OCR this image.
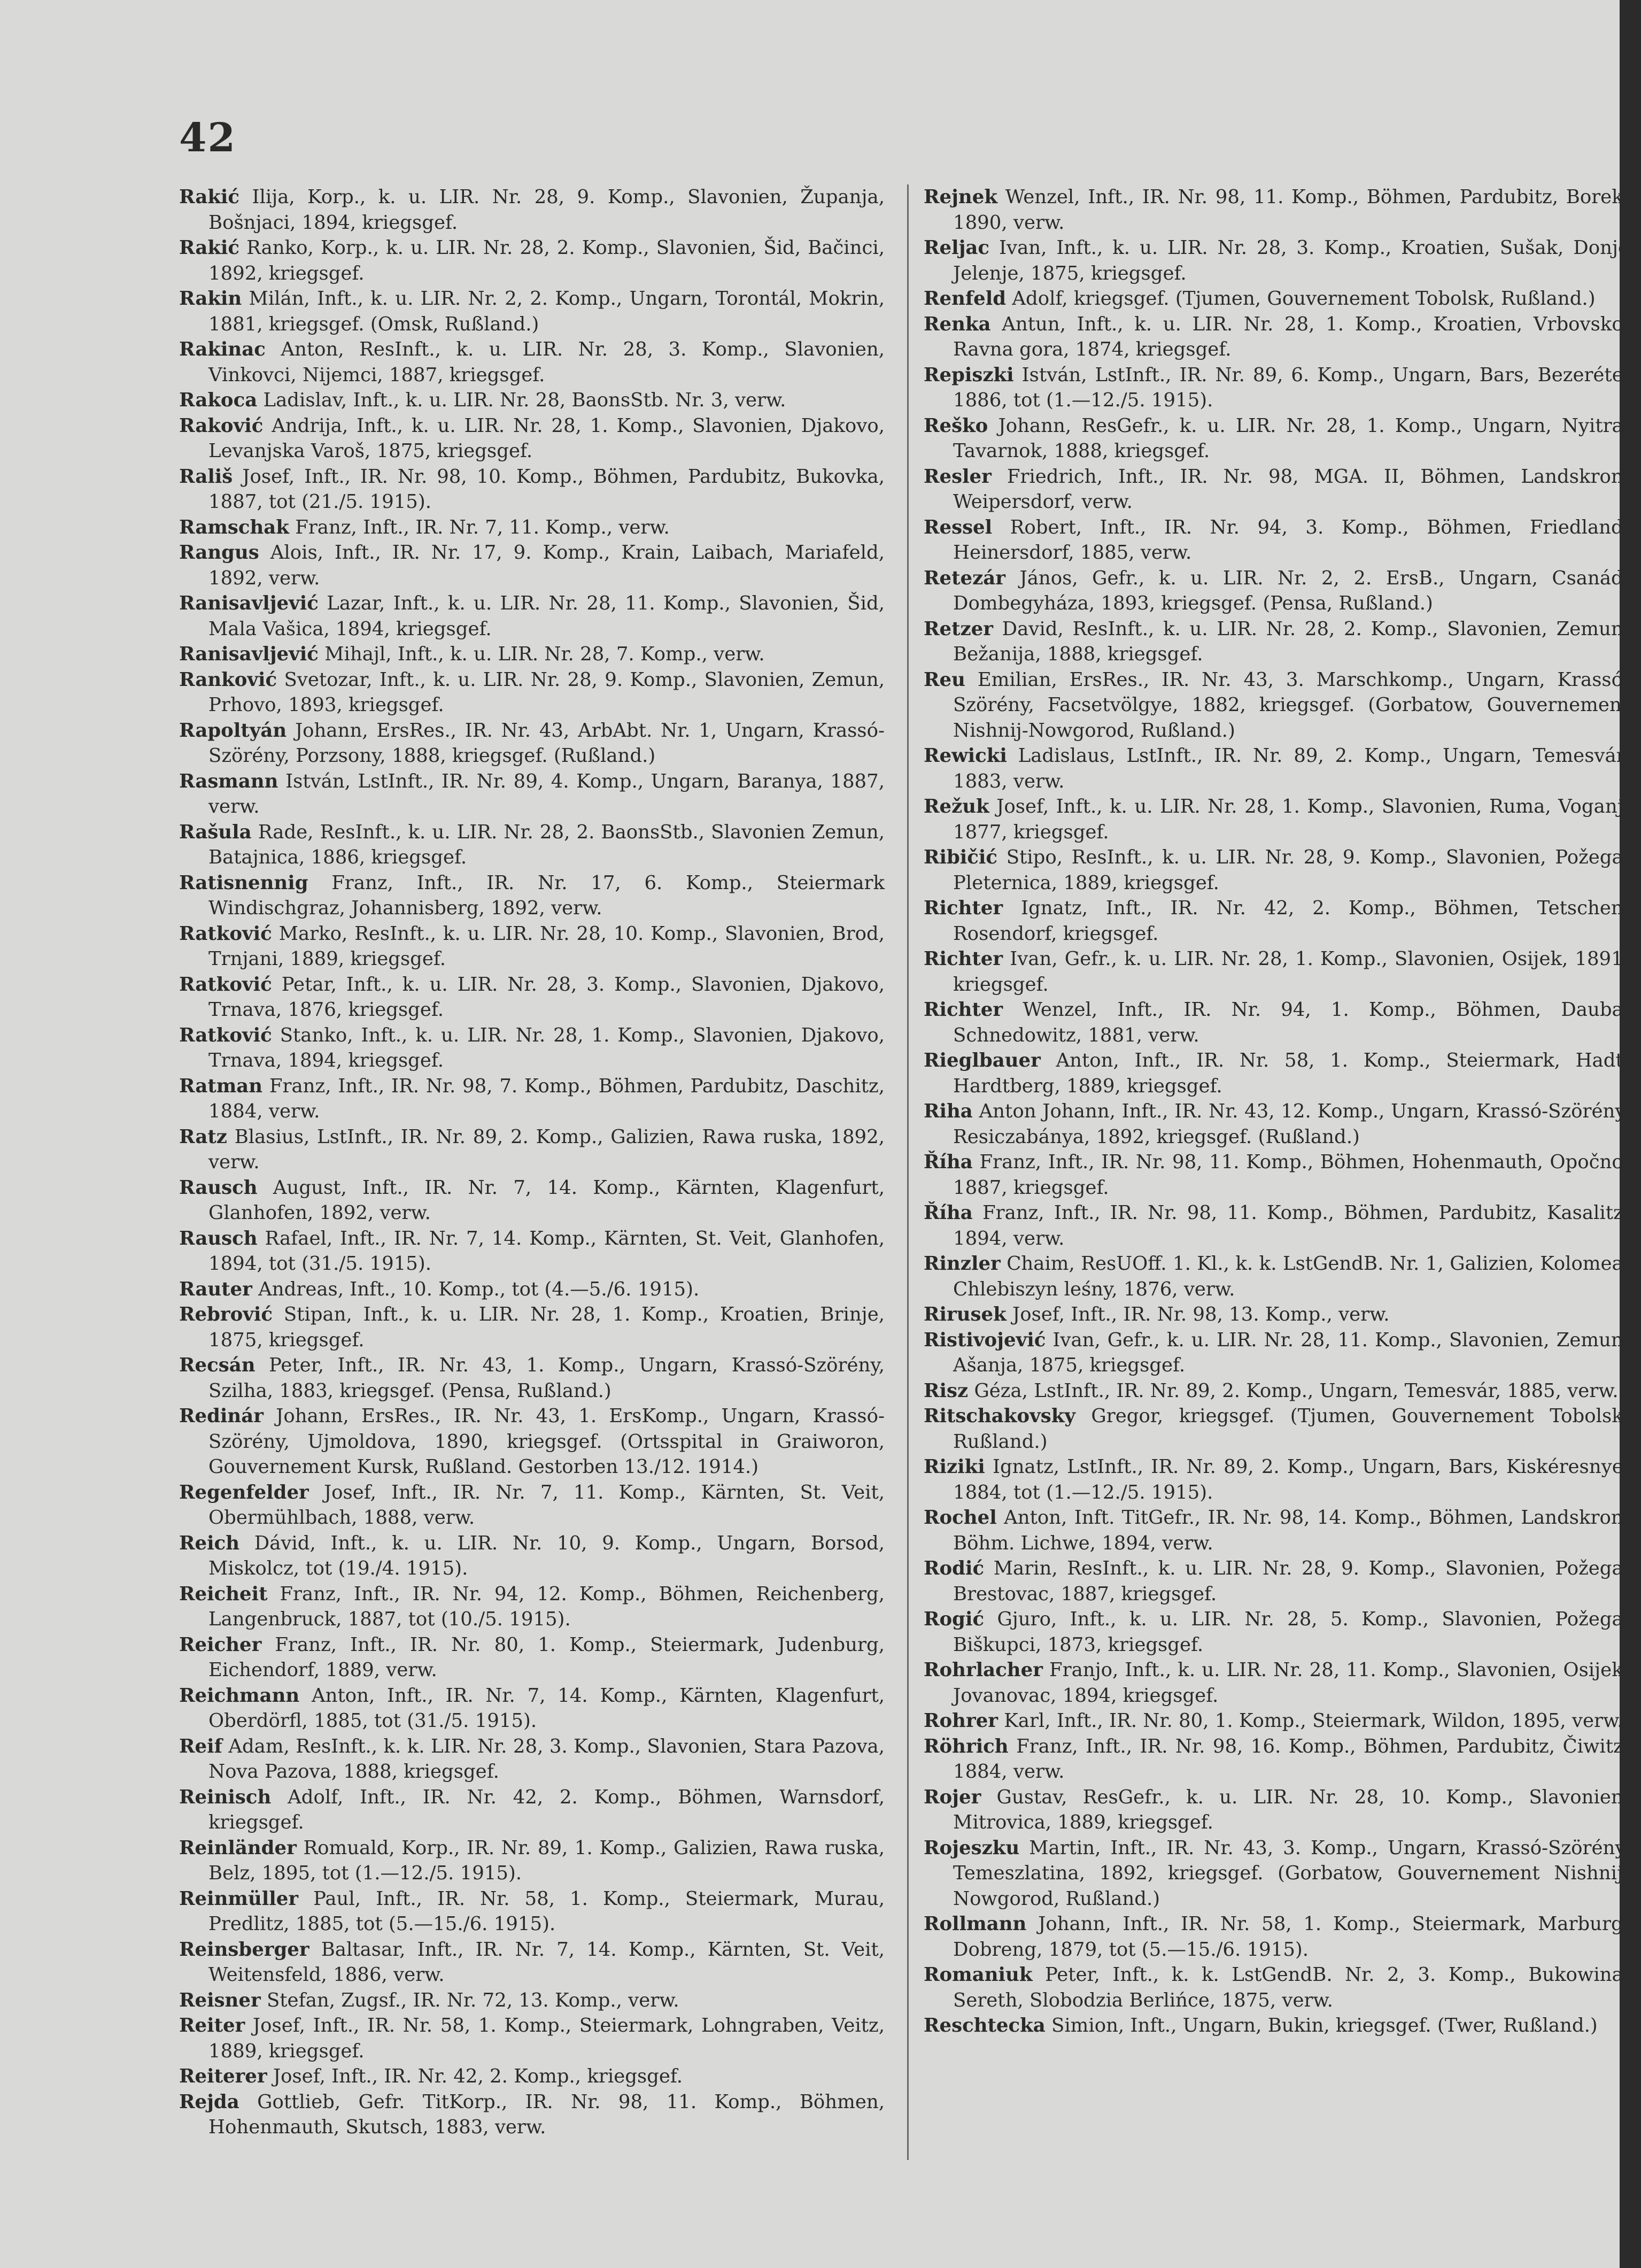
42

Rakić Ilija, Korp., k. u. LIR. Nr. 28, 9. Komp., Slavonien, Županja, Bošnjaci, 1894, kriegsgef.

Rakić Ranko, Korp., k. u. LIR. Nr. 28, 2. Komp., Slavonien, Šid, Bačinci, 1892, kriegsgef.

Rakin Milán, Inft., k. u. LIR. Nr. 2, 2. Komp., Ungarn, Torontál, Mokrin, 1881, kriegsgef. (Omsk, Rußland.)

Rakinac Anton, ResInft., k. u. LIR. Nr. 28, 3. Komp., Slavonien, Vinkovci, Nijemci, 1887, kriegsgef.

Rakoca Ladislav, Inft., k. u. LIR. Nr. 28, BaonsStb. Nr. 3, verw.

Raković Andrija, Inft., k. u. LIR. Nr. 28, 1. Komp., Slavonien, Djakovo, Levanjska Varoš, 1875, kriegsgef.

Rališ Josef, Inft., IR. Nr. 98, 10. Komp., Böhmen, Pardubitz, Bukovka, 1887, tot (21./5. 1915).

Ramschak Franz, Inft., IR. Nr. 7, 11. Komp., verw.

Rangus Alois, Inft., IR. Nr. 17, 9. Komp., Krain, Laibach, Mariafeld, 1892, verw.

Ranisavljević Lazar, Inft., k. u. LIR. Nr. 28, 11. Komp., Slavonien, Šid, Mala Vašica, 1894, kriegsgef.

Ranisavljević Mihajl, Inft., k. u. LIR. Nr. 28, 7. Komp., verw.

Ranković Svetozar, Inft., k. u. LIR. Nr. 28, 9. Komp., Slavonien, Zemun, Prhovo, 1893, kriegsgef.

Rapoltyán Johann, ErsRes., IR. Nr. 43, ArbAbt. Nr. 1, Ungarn, Krassó-Szörény, Porzsony, 1888, kriegsgef. (Rußland.)

Rasmann István, LstInft., IR. Nr. 89, 4. Komp., Ungarn, Baranya, 1887, verw.

Rašula Rade, ResInft., k. u. LIR. Nr. 28, 2. BaonsStb., Slavonien Zemun, Batajnica, 1886, kriegsgef.

Ratisnennig Franz, Inft., IR. Nr. 17, 6. Komp., Steiermark Windischgraz, Johannisberg, 1892, verw.

Ratković Marko, ResInft., k. u. LIR. Nr. 28, 10. Komp., Slavonien, Brod, Trnjani, 1889, kriegsgef.

Ratković Petar, Inft., k. u. LIR. Nr. 28, 3. Komp., Slavonien, Djakovo, Trnava, 1876, kriegsgef.

Ratković Stanko, Inft., k. u. LIR. Nr. 28, 1. Komp., Slavonien, Djakovo, Trnava, 1894, kriegsgef.

Ratman Franz, Inft., IR. Nr. 98, 7. Komp., Böhmen, Pardubitz, Daschitz, 1884, verw.

Ratz Blasius, LstInft., IR. Nr. 89, 2. Komp., Galizien, Rawa ruska, 1892, verw.

Rausch August, Inft., IR. Nr. 7, 14. Komp., Kärnten, Klagenfurt, Glanhofen, 1892, verw.

Rausch Rafael, Inft., IR. Nr. 7, 14. Komp., Kärnten, St. Veit, Glanhofen, 1894, tot (31./5. 1915).

Rauter Andreas, Inft., 10. Komp., tot (4.—5./6. 1915).

Rebrović Stipan, Inft., k. u. LIR. Nr. 28, 1. Komp., Kroatien, Brinje, 1875, kriegsgef.

Recsán Peter, Inft., IR. Nr. 43, 1. Komp., Ungarn, Krassó-Szörény, Szilha, 1883, kriegsgef. (Pensa, Rußland.)

Redinár Johann, ErsRes., IR. Nr. 43, 1. ErsKomp., Ungarn, Krassó-Szörény, Ujmoldova, 1890, kriegsgef. (Ortsspital in Graiworon, Gouvernement Kursk, Rußland. Gestorben 13./12. 1914.)

Regenfelder Josef, Inft., IR. Nr. 7, 11. Komp., Kärnten, St. Veit, Obermühlbach, 1888, verw.

Reich Dávid, Inft., k. u. LIR. Nr. 10, 9. Komp., Ungarn, Borsod, Miskolcz, tot (19./4. 1915).

Reicheit Franz, Inft., IR. Nr. 94, 12. Komp., Böhmen, Reichenberg, Langenbruck, 1887, tot (10./5. 1915).

Reicher Franz, Inft., IR. Nr. 80, 1. Komp., Steiermark, Judenburg, Eichendorf, 1889, verw.

Reichmann Anton, Inft., IR. Nr. 7, 14. Komp., Kärnten, Klagenfurt, Oberdörfl, 1885, tot (31./5. 1915).

Reif Adam, ResInft., k. k. LIR. Nr. 28, 3. Komp., Slavonien, Stara Pazova, Nova Pazova, 1888, kriegsgef.

Reinisch Adolf, Inft., IR. Nr. 42, 2. Komp., Böhmen, Warnsdorf, kriegsgef.

Reinländer Romuald, Korp., IR. Nr. 89, 1. Komp., Galizien, Rawa ruska, Belz, 1895, tot (1.—12./5. 1915).

Reinmüller Paul, Inft., IR. Nr. 58, 1. Komp., Steiermark, Murau, Predlitz, 1885, tot (5.—15./6. 1915).

Reinsberger Baltasar, Inft., IR. Nr. 7, 14. Komp., Kärnten, St. Veit, Weitensfeld, 1886, verw.

Reisner Stefan, Zugsf., IR. Nr. 72, 13. Komp., verw.

Reiter Josef, Inft., IR. Nr. 58, 1. Komp., Steiermark, Lohngraben, Veitz, 1889, kriegsgef.

Reiterer Josef, Inft., IR. Nr. 42, 2. Komp., kriegsgef.

Rejda Gottlieb, Gefr. TitKorp., IR. Nr. 98, 11. Komp., Böhmen, Hohenmauth, Skutsch, 1883, verw.

Rejnek Wenzel, Inft., IR. Nr. 98, 11. Komp., Böhmen, Pardubitz, Borek, 1890, verw.

Reljac Ivan, Inft., k. u. LIR. Nr. 28, 3. Komp., Kroatien, Sušak, Donje Jelenje, 1875, kriegsgef.

Renfeld Adolf, kriegsgef. (Tjumen, Gouvernement Tobolsk, Rußland.)

Renka Antun, Inft., k. u. LIR. Nr. 28, 1. Komp., Kroatien, Vrbovsko, Ravna gora, 1874, kriegsgef.

Repiszki István, LstInft., IR. Nr. 89, 6. Komp., Ungarn, Bars, Bezeréte, 1886, tot (1.—12./5. 1915).

Reško Johann, ResGefr., k. u. LIR. Nr. 28, 1. Komp., Ungarn, Nyitra, Tavarnok, 1888, kriegsgef.

Resler Friedrich, Inft., IR. Nr. 98, MGA. II, Böhmen, Landskron, Weipersdorf, verw.

Ressel Robert, Inft., IR. Nr. 94, 3. Komp., Böhmen, Friedland, Heinersdorf, 1885, verw.

Retezár János, Gefr., k. u. LIR. Nr. 2, 2. ErsB., Ungarn, Csanád, Dombegyháza, 1893, kriegsgef. (Pensa, Rußland.)

Retzer David, ResInft., k. u. LIR. Nr. 28, 2. Komp., Slavonien, Zemun, Bežanija, 1888, kriegsgef.

Reu Emilian, ErsRes., IR. Nr. 43, 3. Marschkomp., Ungarn, Krassó-Szörény, Facsetvölgye, 1882, kriegsgef. (Gorbatow, Gouvernement Nishnij-Nowgorod, Rußland.)

Rewicki Ladislaus, LstInft., IR. Nr. 89, 2. Komp., Ungarn, Temesvár, 1883, verw.

Režuk Josef, Inft., k. u. LIR. Nr. 28, 1. Komp., Slavonien, Ruma, Voganj, 1877, kriegsgef.

Ribičić Stipo, ResInft., k. u. LIR. Nr. 28, 9. Komp., Slavonien, Požega, Pleternica, 1889, kriegsgef.

Richter Ignatz, Inft., IR. Nr. 42, 2. Komp., Böhmen, Tetschen, Rosendorf, kriegsgef.

Richter Ivan, Gefr., k. u. LIR. Nr. 28, 1. Komp., Slavonien, Osijek, 1891, kriegsgef.

Richter Wenzel, Inft., IR. Nr. 94, 1. Komp., Böhmen, Dauba, Schnedowitz, 1881, verw.

Rieglbauer Anton, Inft., IR. Nr. 58, 1. Komp., Steiermark, Hadt, Hardtberg, 1889, kriegsgef.

Riha Anton Johann, Inft., IR. Nr. 43, 12. Komp., Ungarn, Krassó-Szörény, Resiczabánya, 1892, kriegsgef. (Rußland.)

Říha Franz, Inft., IR. Nr. 98, 11. Komp., Böhmen, Hohenmauth, Opočno, 1887, kriegsgef.

Říha Franz, Inft., IR. Nr. 98, 11. Komp., Böhmen, Pardubitz, Kasalitz, 1894, verw.

Rinzler Chaim, ResUOff. 1. Kl., k. k. LstGendB. Nr. 1, Galizien, Kolomea, Chlebiszyn leśny, 1876, verw.

Rirusek Josef, Inft., IR. Nr. 98, 13. Komp., verw.

Ristivojević Ivan, Gefr., k. u. LIR. Nr. 28, 11. Komp., Slavonien, Zemun, Ašanja, 1875, kriegsgef.

Risz Géza, LstInft., IR. Nr. 89, 2. Komp., Ungarn, Temesvár, 1885, verw.

Ritschakovsky Gregor, kriegsgef. (Tjumen, Gouvernement Tobolsk, Rußland.)

Riziki Ignatz, LstInft., IR. Nr. 89, 2. Komp., Ungarn, Bars, Kiskéresnye, 1884, tot (1.—12./5. 1915).

Rochel Anton, Inft. TitGefr., IR. Nr. 98, 14. Komp., Böhmen, Landskron, Böhm. Lichwe, 1894, verw.

Rodić Marin, ResInft., k. u. LIR. Nr. 28, 9. Komp., Slavonien, Požega, Brestovac, 1887, kriegsgef.

Rogić Gjuro, Inft., k. u. LIR. Nr. 28, 5. Komp., Slavonien, Požega, Biškupci, 1873, kriegsgef.

Rohrlacher Franjo, Inft., k. u. LIR. Nr. 28, 11. Komp., Slavonien, Osijek, Jovanovac, 1894, kriegsgef.

Rohrer Karl, Inft., IR. Nr. 80, 1. Komp., Steiermark, Wildon, 1895, verw.

Röhrich Franz, Inft., IR. Nr. 98, 16. Komp., Böhmen, Pardubitz, Čiwitz, 1884, verw.

Rojer Gustav, ResGefr., k. u. LIR. Nr. 28, 10. Komp., Slavonien, Mitrovica, 1889, kriegsgef.

Rojeszku Martin, Inft., IR. Nr. 43, 3. Komp., Ungarn, Krassó-Szörény, Temeszlatina, 1892, kriegsgef. (Gorbatow, Gouvernement Nishnij-Nowgorod, Rußland.)

Rollmann Johann, Inft., IR. Nr. 58, 1. Komp., Steiermark, Marburg, Dobreng, 1879, tot (5.—15./6. 1915).

Romaniuk Peter, Inft., k. k. LstGendB. Nr. 2, 3. Komp., Bukowina, Sereth, Slobodzia Berlińce, 1875, verw.

Reschtecka Simion, Inft., Ungarn, Bukin, kriegsgef. (Twer, Rußland.)
